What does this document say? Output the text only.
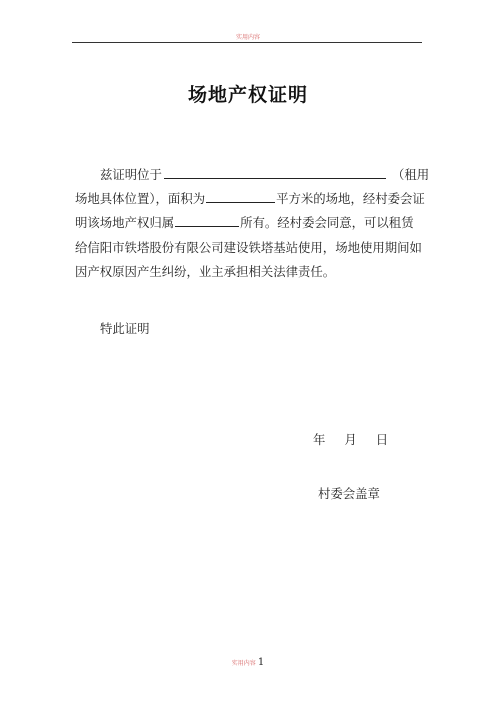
实用内容
场地产权证明
兹证明位于	（租用
场地具体位置），面积为	平方米的场地，经村委会证
明该场地产权归属	所有。经村委会同意，可以租赁
给信阳市铁塔股份有限公司建设铁塔基站使用，场地使用期间如
因产权原因产生纠纷，业主承担相关法律责任。
特此证明
年 月 日
村委会盖章
实用内容 1
